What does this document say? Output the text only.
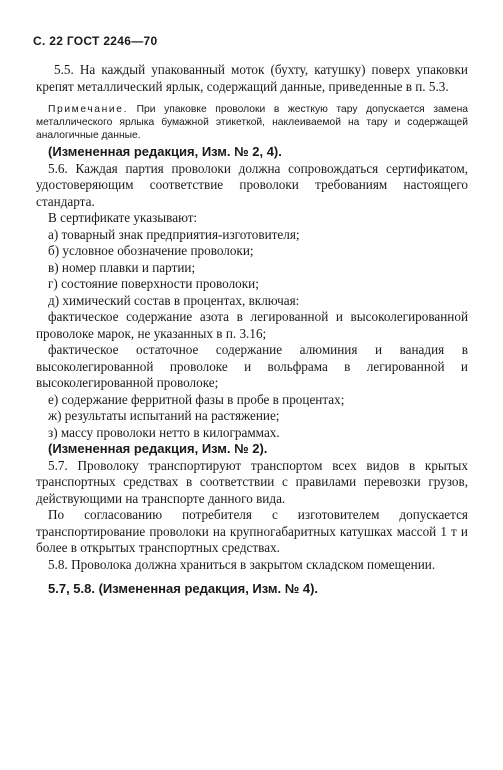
С. 22 ГОСТ 2246—70

5.5. На каждый упакованный моток (бухту, катушку) поверх упаковки крепят металлический ярлык, содержащий данные, приведенные в п. 5.3.

Примечание. При упаковке проволоки в жесткую тару допускается замена металлического ярлыка бумажной этикеткой, наклеиваемой на тару и содержащей аналогичные данные.

(Измененная редакция, Изм. № 2, 4).

5.6. Каждая партия проволоки должна сопровождаться сертификатом, удостоверяющим соответствие проволоки требованиям настоящего стандарта.

В сертификате указывают:

а) товарный знак предприятия-изготовителя;

б) условное обозначение проволоки;

в) номер плавки и партии;

г) состояние поверхности проволоки;

д) химический состав в процентах, включая:

фактическое содержание азота в легированной и высоколегированной проволоке марок, не указанных в п. 3.16;

фактическое остаточное содержание алюминия и ванадия в высоколегированной проволоке и вольфрама в легированной и высоколегированной проволоке;

е) содержание ферритной фазы в пробе в процентах;

ж) результаты испытаний на растяжение;

з) массу проволоки нетто в килограммах.

(Измененная редакция, Изм. № 2).

5.7. Проволоку транспортируют транспортом всех видов в крытых транспортных средствах в соответствии с правилами перевозки грузов, действующими на транспорте данного вида.

По согласованию потребителя с изготовителем допускается транспортирование проволоки на крупногабаритных катушках массой 1 т и более в открытых транспортных средствах.

5.8. Проволока должна храниться в закрытом складском помещении.

5.7, 5.8. (Измененная редакция, Изм. № 4).
